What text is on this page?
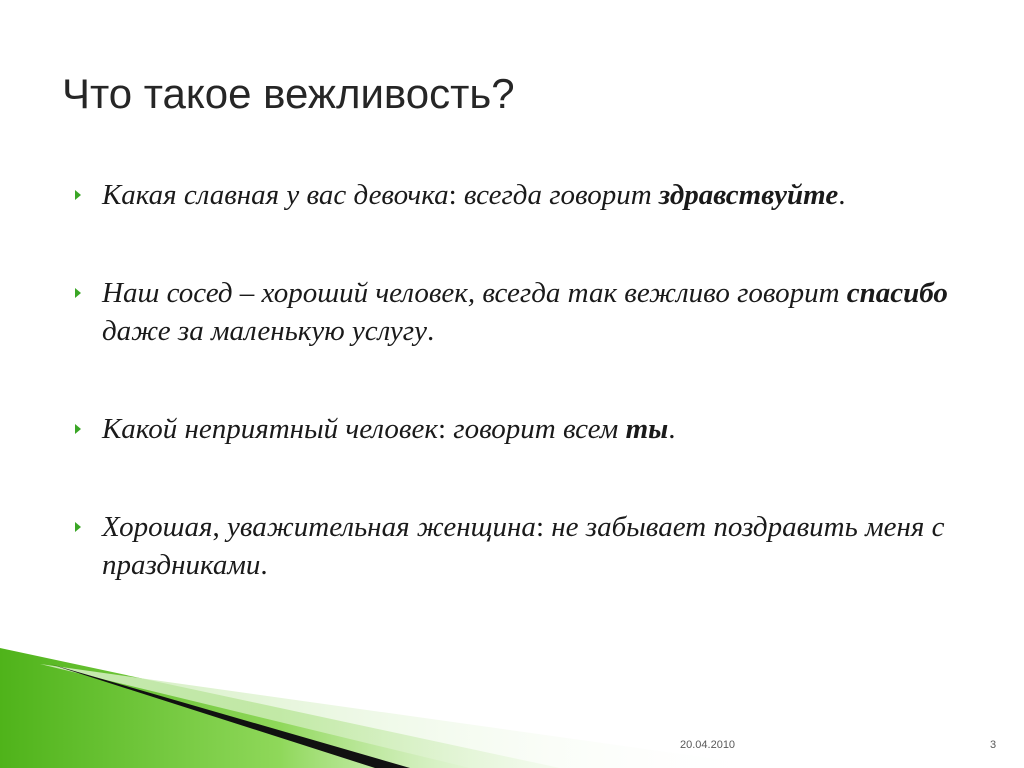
Что такое вежливость?
Какая славная у вас девочка: всегда говорит здравствуйте.
Наш сосед – хороший человек, всегда так вежливо говорит спасибо даже за маленькую услугу.
Какой неприятный человек: говорит всем ты.
Хорошая, уважительная женщина: не забывает поздравить меня с праздниками.
20.04.2010	3
